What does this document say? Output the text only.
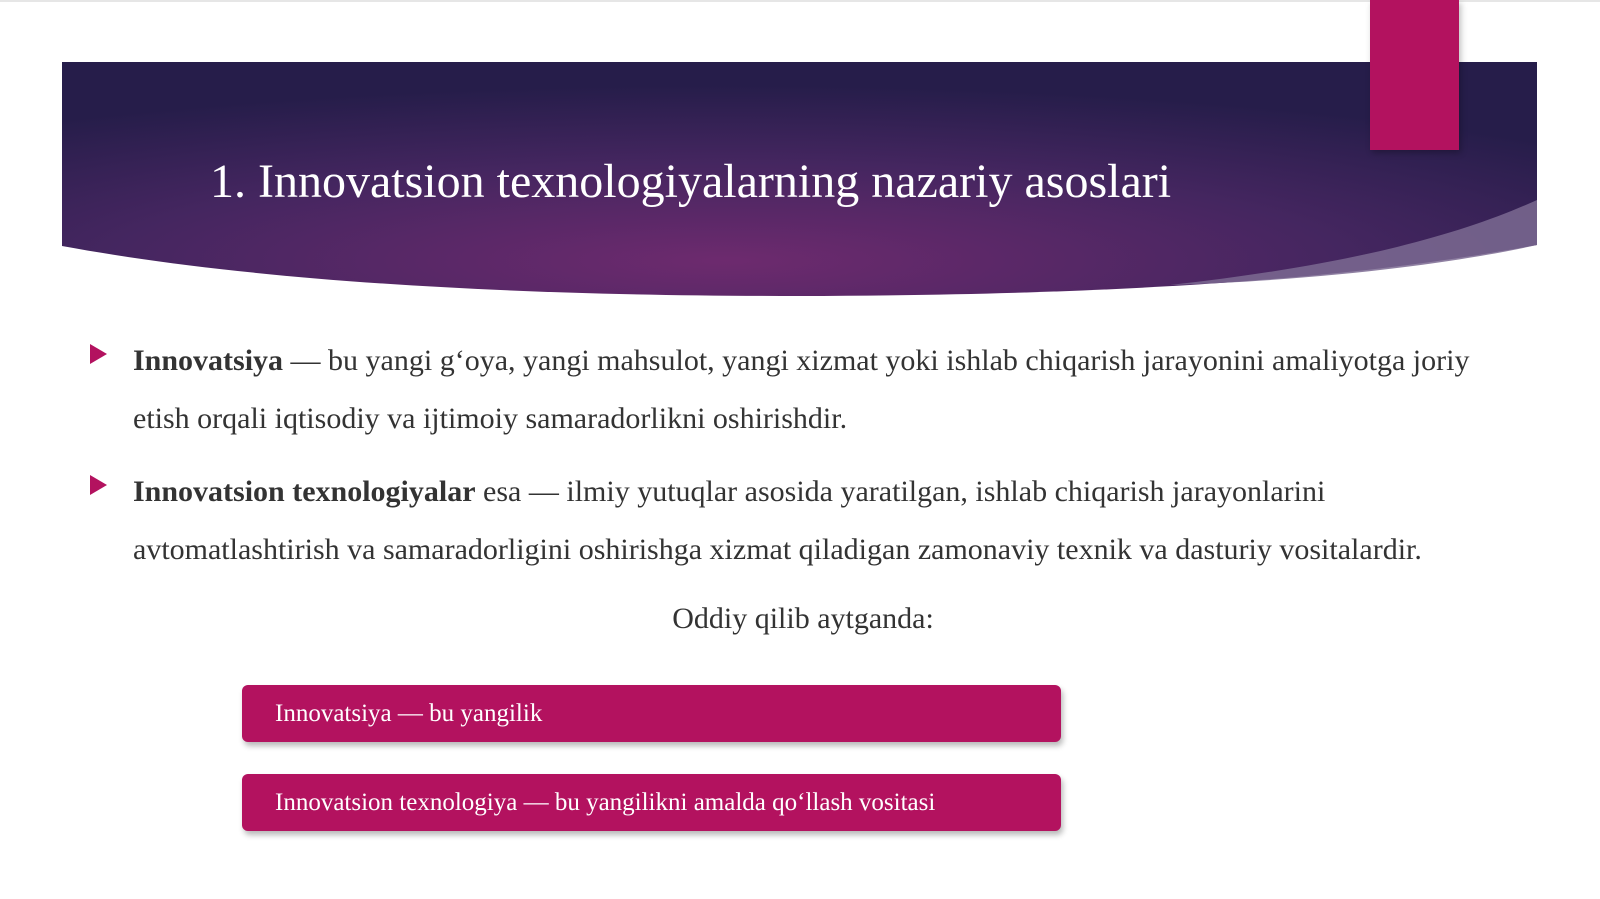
1. Innovatsion texnologiyalarning nazariy asoslari
Innovatsiya — bu yangi g‘oya, yangi mahsulot, yangi xizmat yoki ishlab chiqarish jarayonini amaliyotga joriy etish orqali iqtisodiy va ijtimoiy samaradorlikni oshirishdir.
Innovatsion texnologiyalar esa — ilmiy yutuqlar asosida yaratilgan, ishlab chiqarish jarayonlarini avtomatlashtirish va samaradorligini oshirishga xizmat qiladigan zamonaviy texnik va dasturiy vositalardir.
Oddiy qilib aytganda:
Innovatsiya — bu yangilik
Innovatsion texnologiya — bu yangilikni amalda qo‘llash vositasi
